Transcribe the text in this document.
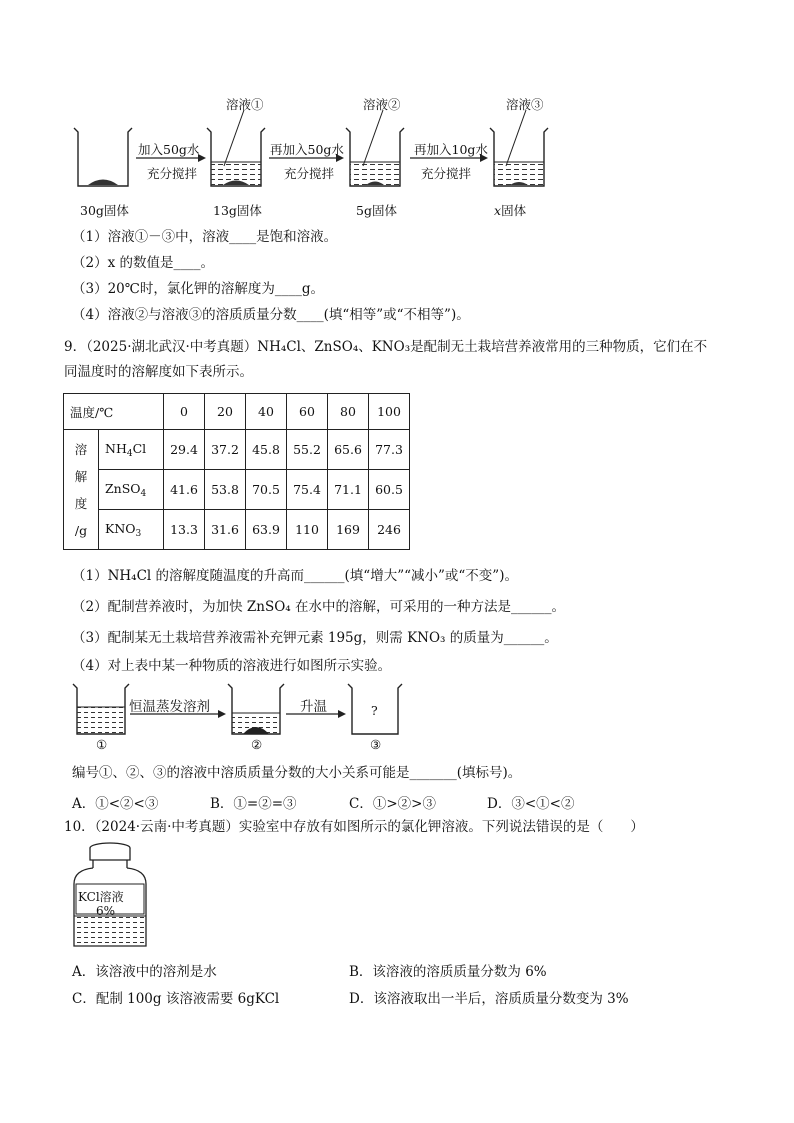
溶液①	溶液②	溶液③
加入50g水
充分搅拌
再加入50g水
充分搅拌
再加入10g水
充分搅拌
30g固体	13g固体	5g固体	x固体
（1）溶液①－③中，溶液____是饱和溶液。
（2）x 的数值是____。
（3）20℃时，氯化钾的溶解度为____g。
（4）溶液②与溶液③的溶质质量分数____(填“相等”或“不相等”)。
9．（2025·湖北武汉·中考真题）NH₄Cl、ZnSO₄、KNO₃是配制无土栽培营养液常用的三种物质，它们在不
同温度时的溶解度如下表所示。
温度/℃		0	20	40	60	80	100

溶
解
度
/g	$NH_4Cl$	29.4	37.2	45.8	55.2	65.6	77.3
	ZnSO$_4$	41.6	53.8	70.5	75.4	71.1	60.5
	$KNO_3$	13.3	31.6	63.9	110	169	246
（1）NH₄Cl 的溶解度随温度的升高而______(填“增大”“减小”或“不变”)。
（2）配制营养液时，为加快 ZnSO₄ 在水中的溶解，可采用的一种方法是______。
（3）配制某无土栽培营养液需补充钾元素 195g，则需 KNO₃ 的质量为______。
（4）对上表中某一种物质的溶液进行如图所示实验。
恒温蒸发溶剂	升温	?
①	②	③
编号①、②、③的溶液中溶质质量分数的大小关系可能是_______(填标号)。
A．①<②<③	B．①=②=③	C．①>②>③	D．③<①<②
10．（2024·云南·中考真题）实验室中存放有如图所示的氯化钾溶液。下列说法错误的是（　　）
KCl溶液
6%
A．该溶液中的溶剂是水	B．该溶液的溶质质量分数为 6%
C．配制 100g 该溶液需要 6gKCl	D．该溶液取出一半后，溶质质量分数变为 3%
